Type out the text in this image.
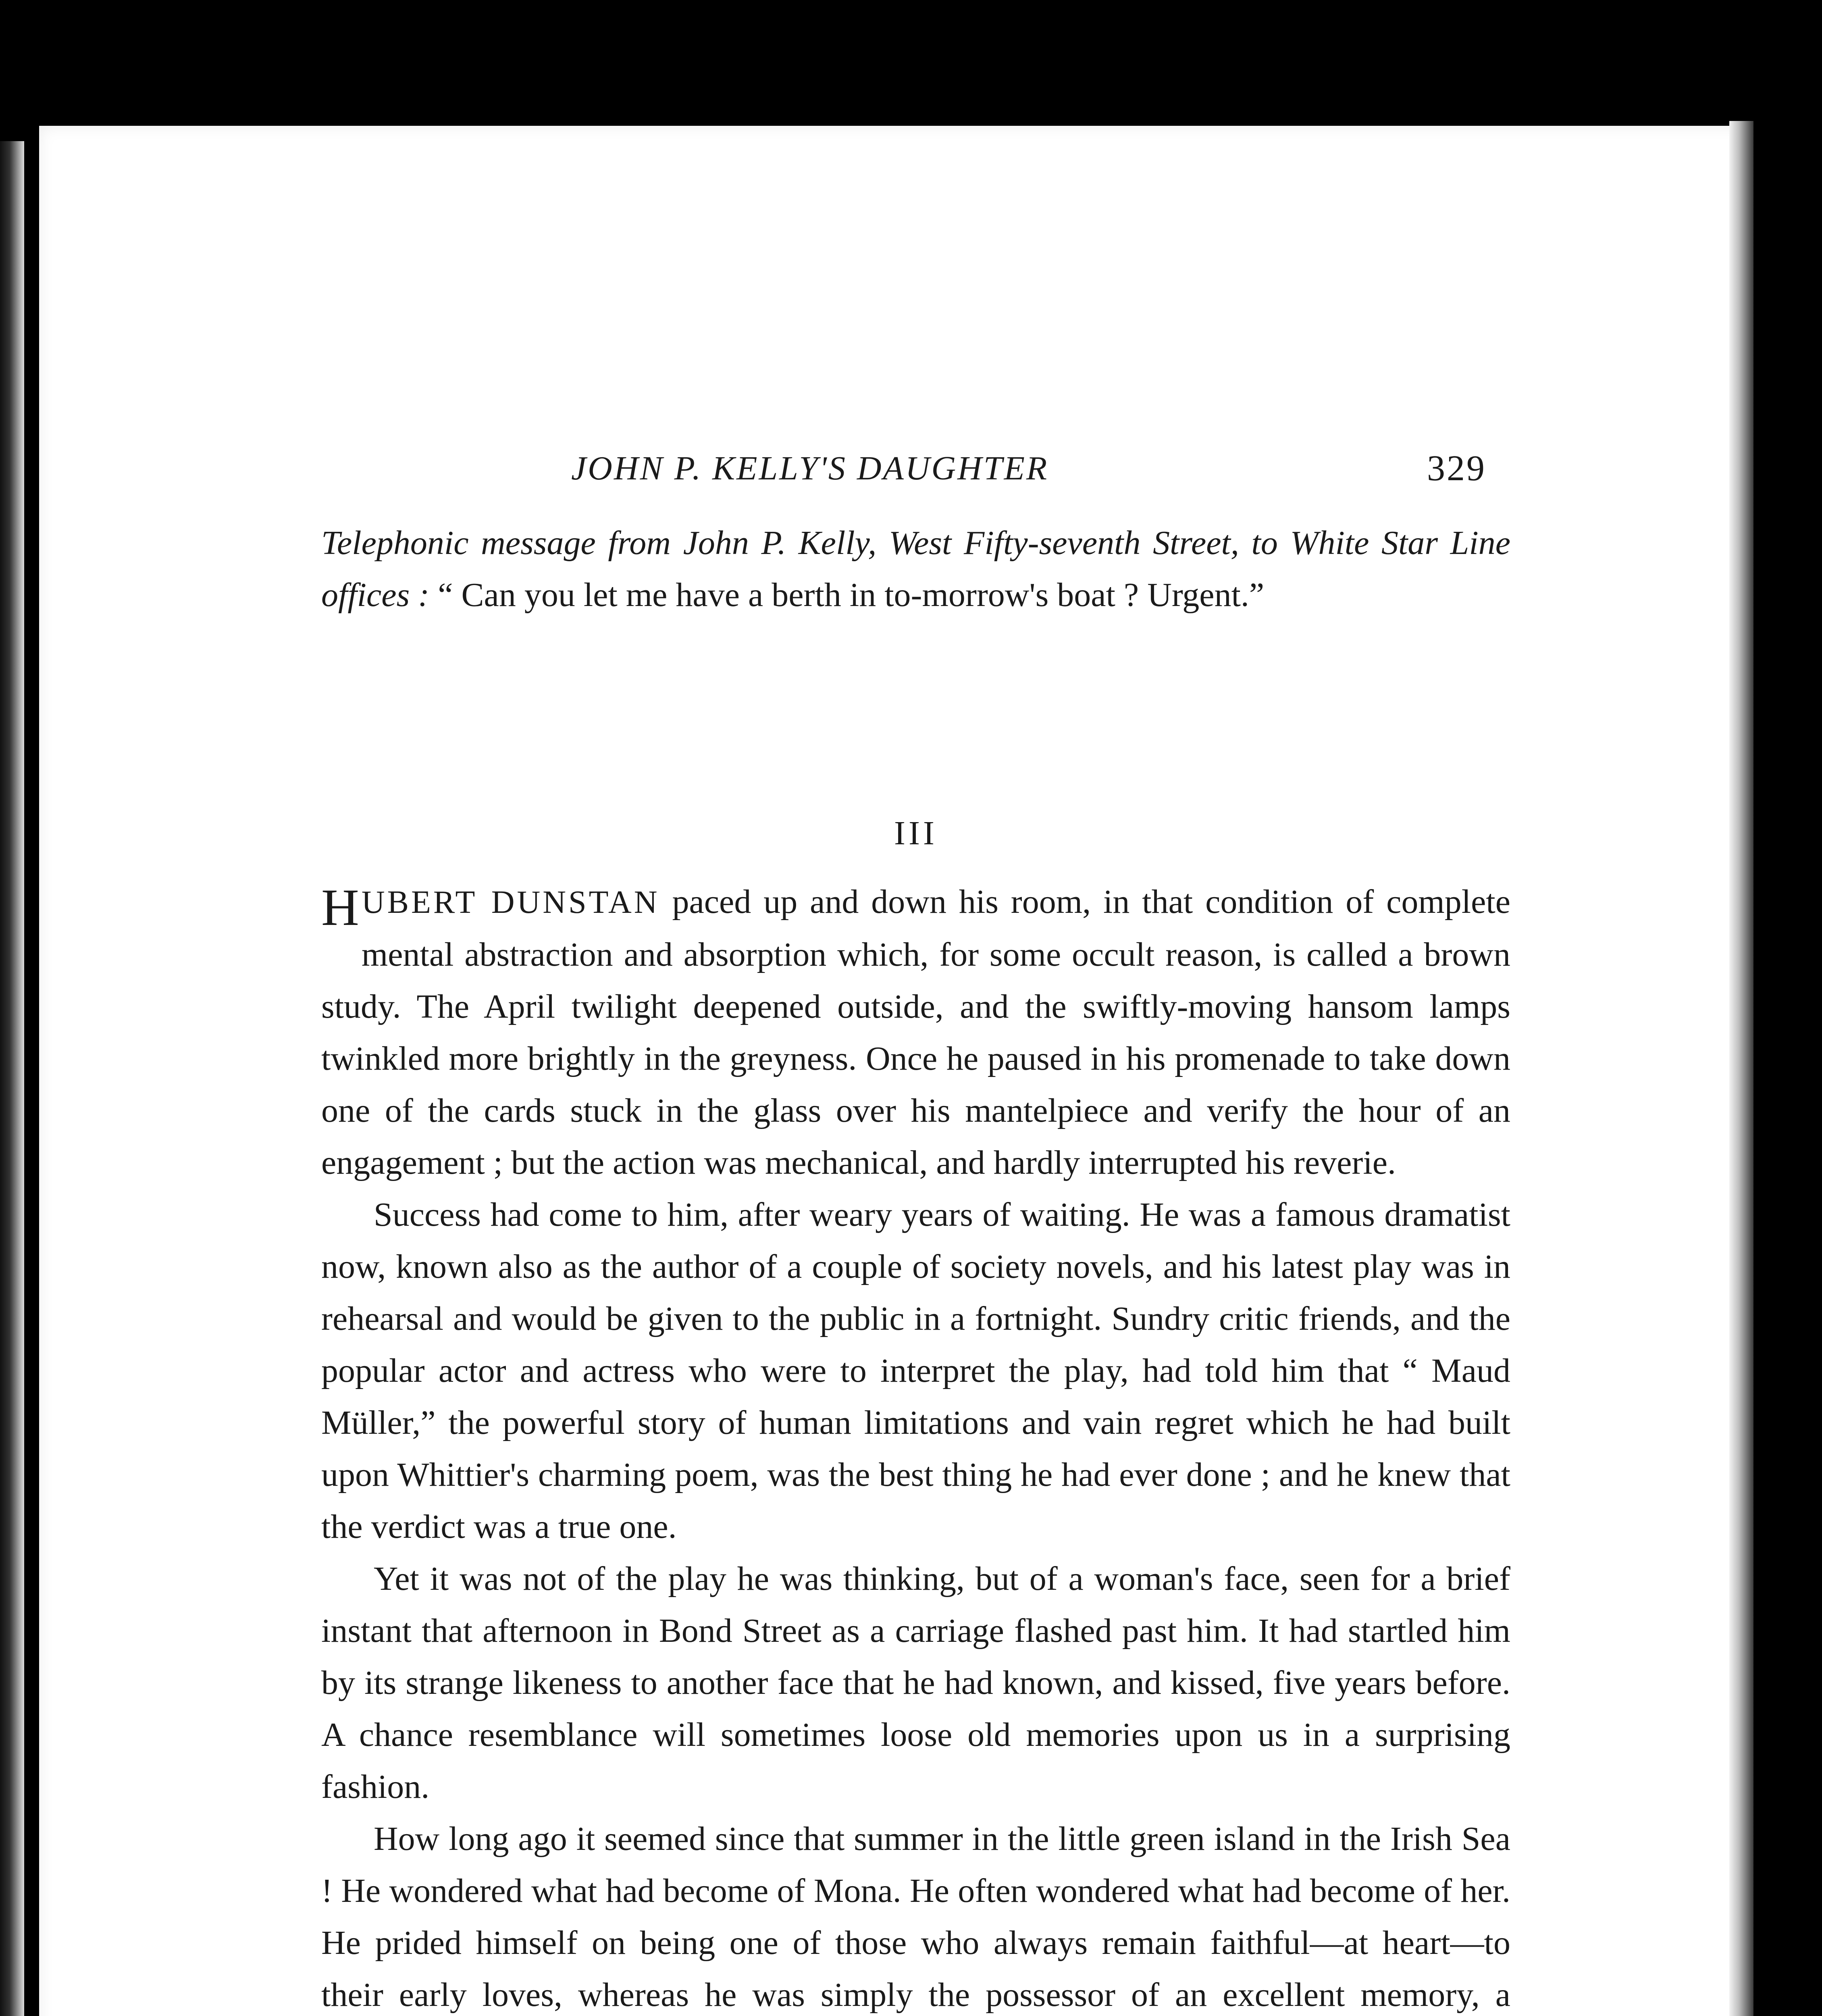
JOHN P. KELLY'S DAUGHTER	329
Telephonic message from John P. Kelly, West Fifty-seventh Street, to White Star Line offices : “ Can you let me have a berth in to-morrow's boat ? Urgent.”
III

HUBERT DUNSTAN paced up and down his room, in that condition of complete mental abstraction and absorption which, for some occult reason, is called a brown study. The April twilight deepened outside, and the swiftly-moving hansom lamps twinkled more brightly in the greyness. Once he paused in his promenade to take down one of the cards stuck in the glass over his mantelpiece and verify the hour of an engagement ; but the action was mechanical, and hardly interrupted his reverie.

Success had come to him, after weary years of waiting. He was a famous dramatist now, known also as the author of a couple of society novels, and his latest play was in rehearsal and would be given to the public in a fortnight. Sundry critic friends, and the popular actor and actress who were to interpret the play, had told him that “ Maud Müller,” the powerful story of human limitations and vain regret which he had built upon Whittier's charming poem, was the best thing he had ever done ; and he knew that the verdict was a true one.

Yet it was not of the play he was thinking, but of a woman's face, seen for a brief instant that afternoon in Bond Street as a carriage flashed past him. It had startled him by its strange likeness to another face that he had known, and kissed, five years before. A chance resemblance will sometimes loose old memories upon us in a surprising fashion.

How long ago it seemed since that summer in the little green island in the Irish Sea ! He wondered what had become of Mona. He often wondered what had become of her. He prided himself on being one of those who always remain faithful—at heart—to their early loves, whereas he was simply the possessor of an excellent memory, a
